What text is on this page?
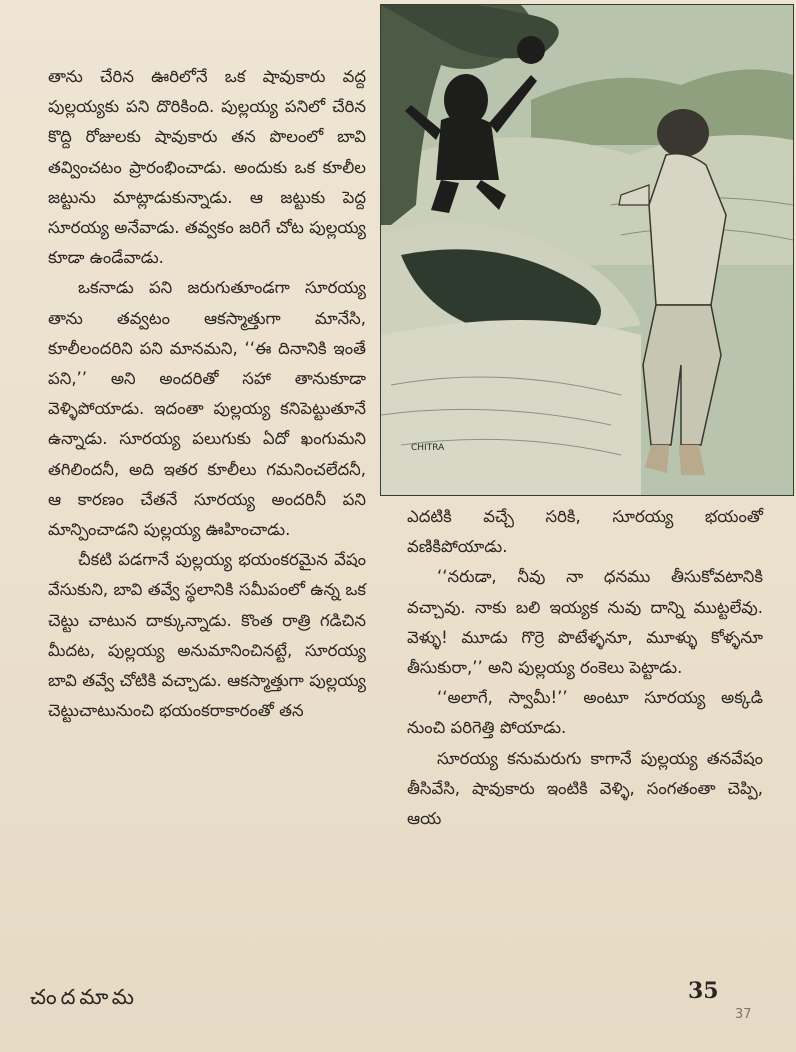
తాను చేరిన ఊరిలోనే ఒక షావుకారు వద్ద పుల్లయ్యకు పని దొరికింది. పుల్లయ్య పనిలో చేరిన కొద్ది రోజులకు షావుకారు తన పొలంలో బావి తవ్వించటం ప్రారంభించాడు. అందుకు ఒక కూలీల జట్టును మాట్లాడుకున్నాడు. ఆ జట్టుకు పెద్ద సూరయ్య అనేవాడు. తవ్వకం జరిగే చోట పుల్లయ్య కూడా ఉండేవాడు.

ఒకనాడు పని జరుగుతూండగా సూరయ్య తాను తవ్వటం ఆకస్మాత్తుగా మానేసి, కూలీలందరిని పని మానమని, ‘‘ఈ దినానికి ఇంతే పని,’’ అని అందరితో సహా తానుకూడా వెళ్ళిపోయాడు. ఇదంతా పుల్లయ్య కనిపెట్టుతూనే ఉన్నాడు. సూరయ్య పలుగుకు ఏదో ఖంగుమని తగిలిందనీ, అది ఇతర కూలీలు గమనించలేదనీ, ఆ కారణం చేతనే సూరయ్య అందరినీ పని మాన్పించాడని పుల్లయ్య ఊహించాడు.

చీకటి పడగానే పుల్లయ్య భయంకరమైన వేషం వేసుకుని, బావి తవ్వే స్థలానికి సమీపంలో ఉన్న ఒక చెట్టు చాటున దాక్కున్నాడు. కొంత రాత్రి గడిచిన మీదట, పుల్లయ్య అనుమానించినట్టే, సూరయ్య బావి తవ్వే చోటికి వచ్చాడు. ఆకస్మాత్తుగా పుల్లయ్య చెట్టుచాటునుంచి భయంకరాకారంతో తన

CHITRA

ఎదటికి వచ్చే సరికి, సూరయ్య భయంతో వణికిపోయాడు.

‘‘నరుడా, నీవు నా ధనము తీసుకోవటానికి వచ్చావు. నాకు బలి ఇయ్యక నువు దాన్ని ముట్టలేవు. వెళ్ళు! మూడు గొర్రె పొటేళ్ళనూ, మూళ్ళు కోళ్ళనూ తీసుకురా,’’ అని పుల్లయ్య రంకెలు పెట్టాడు.

‘‘అలాగే, స్వామీ!’’ అంటూ సూరయ్య అక్కడి నుంచి పరిగెత్తి పోయాడు.

సూరయ్య కనుమరుగు కాగానే పుల్లయ్య తనవేషం తీసివేసి, షావుకారు ఇంటికి వెళ్ళి, సంగతంతా చెప్పి, ఆయ

చందమామ	35
37
